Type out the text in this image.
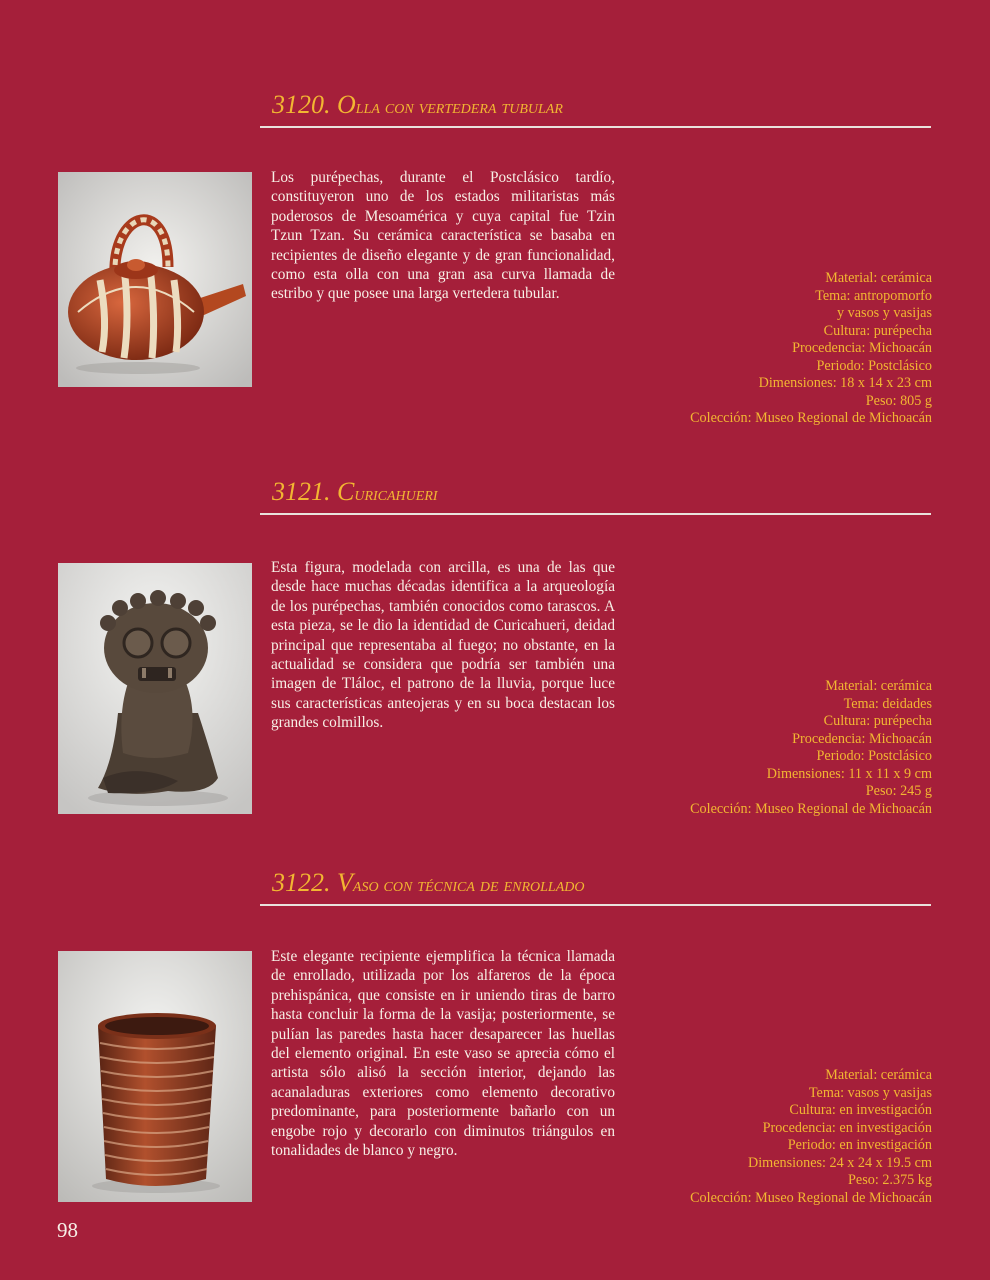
3120. Olla con vertedera tubular

Los purépechas, durante el Postclásico tardío, constituyeron uno de los estados militaristas más poderosos de Mesoamérica y cuya capital fue Tzin Tzun Tzan. Su cerámica característica se basaba en recipientes de diseño elegante y de gran funcionalidad, como esta olla con una gran asa curva llamada de estribo y que posee una larga vertedera tubular.

Material: cerámica
Tema: antropomorfo
y vasos y vasijas
Cultura: purépecha
Procedencia: Michoacán
Periodo: Postclásico
Dimensiones: 18 x 14 x 23 cm
Peso: 805 g
Colección: Museo Regional de Michoacán
3121. Curicahueri

Esta figura, modelada con arcilla, es una de las que desde hace muchas décadas identifica a la arqueología de los purépechas, también conocidos como tarascos. A esta pieza, se le dio la identidad de Curicahueri, deidad principal que representaba al fuego; no obstante, en la actualidad se considera que podría ser también una imagen de Tláloc, el patrono de la lluvia, porque luce sus características anteojeras y en su boca destacan los grandes colmillos.

Material: cerámica
Tema: deidades
Cultura: purépecha
Procedencia: Michoacán
Periodo: Postclásico
Dimensiones: 11 x 11 x 9 cm
Peso: 245 g
Colección: Museo Regional de Michoacán
3122. Vaso con técnica de enrollado

Este elegante recipiente ejemplifica la técnica llamada de enrollado, utilizada por los alfareros de la época prehispánica, que consiste en ir uniendo tiras de barro hasta concluir la forma de la vasija; posteriormente, se pulían las paredes hasta hacer desaparecer las huellas del elemento original. En este vaso se aprecia cómo el artista sólo alisó la sección interior, dejando las acanaladuras exteriores como elemento decorativo predominante, para posteriormente bañarlo con un engobe rojo y decorarlo con diminutos triángulos en tonalidades de blanco y negro.

Material: cerámica
Tema: vasos y vasijas
Cultura: en investigación
Procedencia: en investigación
Periodo: en investigación
Dimensiones: 24 x 24 x 19.5 cm
Peso: 2.375 kg
Colección: Museo Regional de Michoacán
98
